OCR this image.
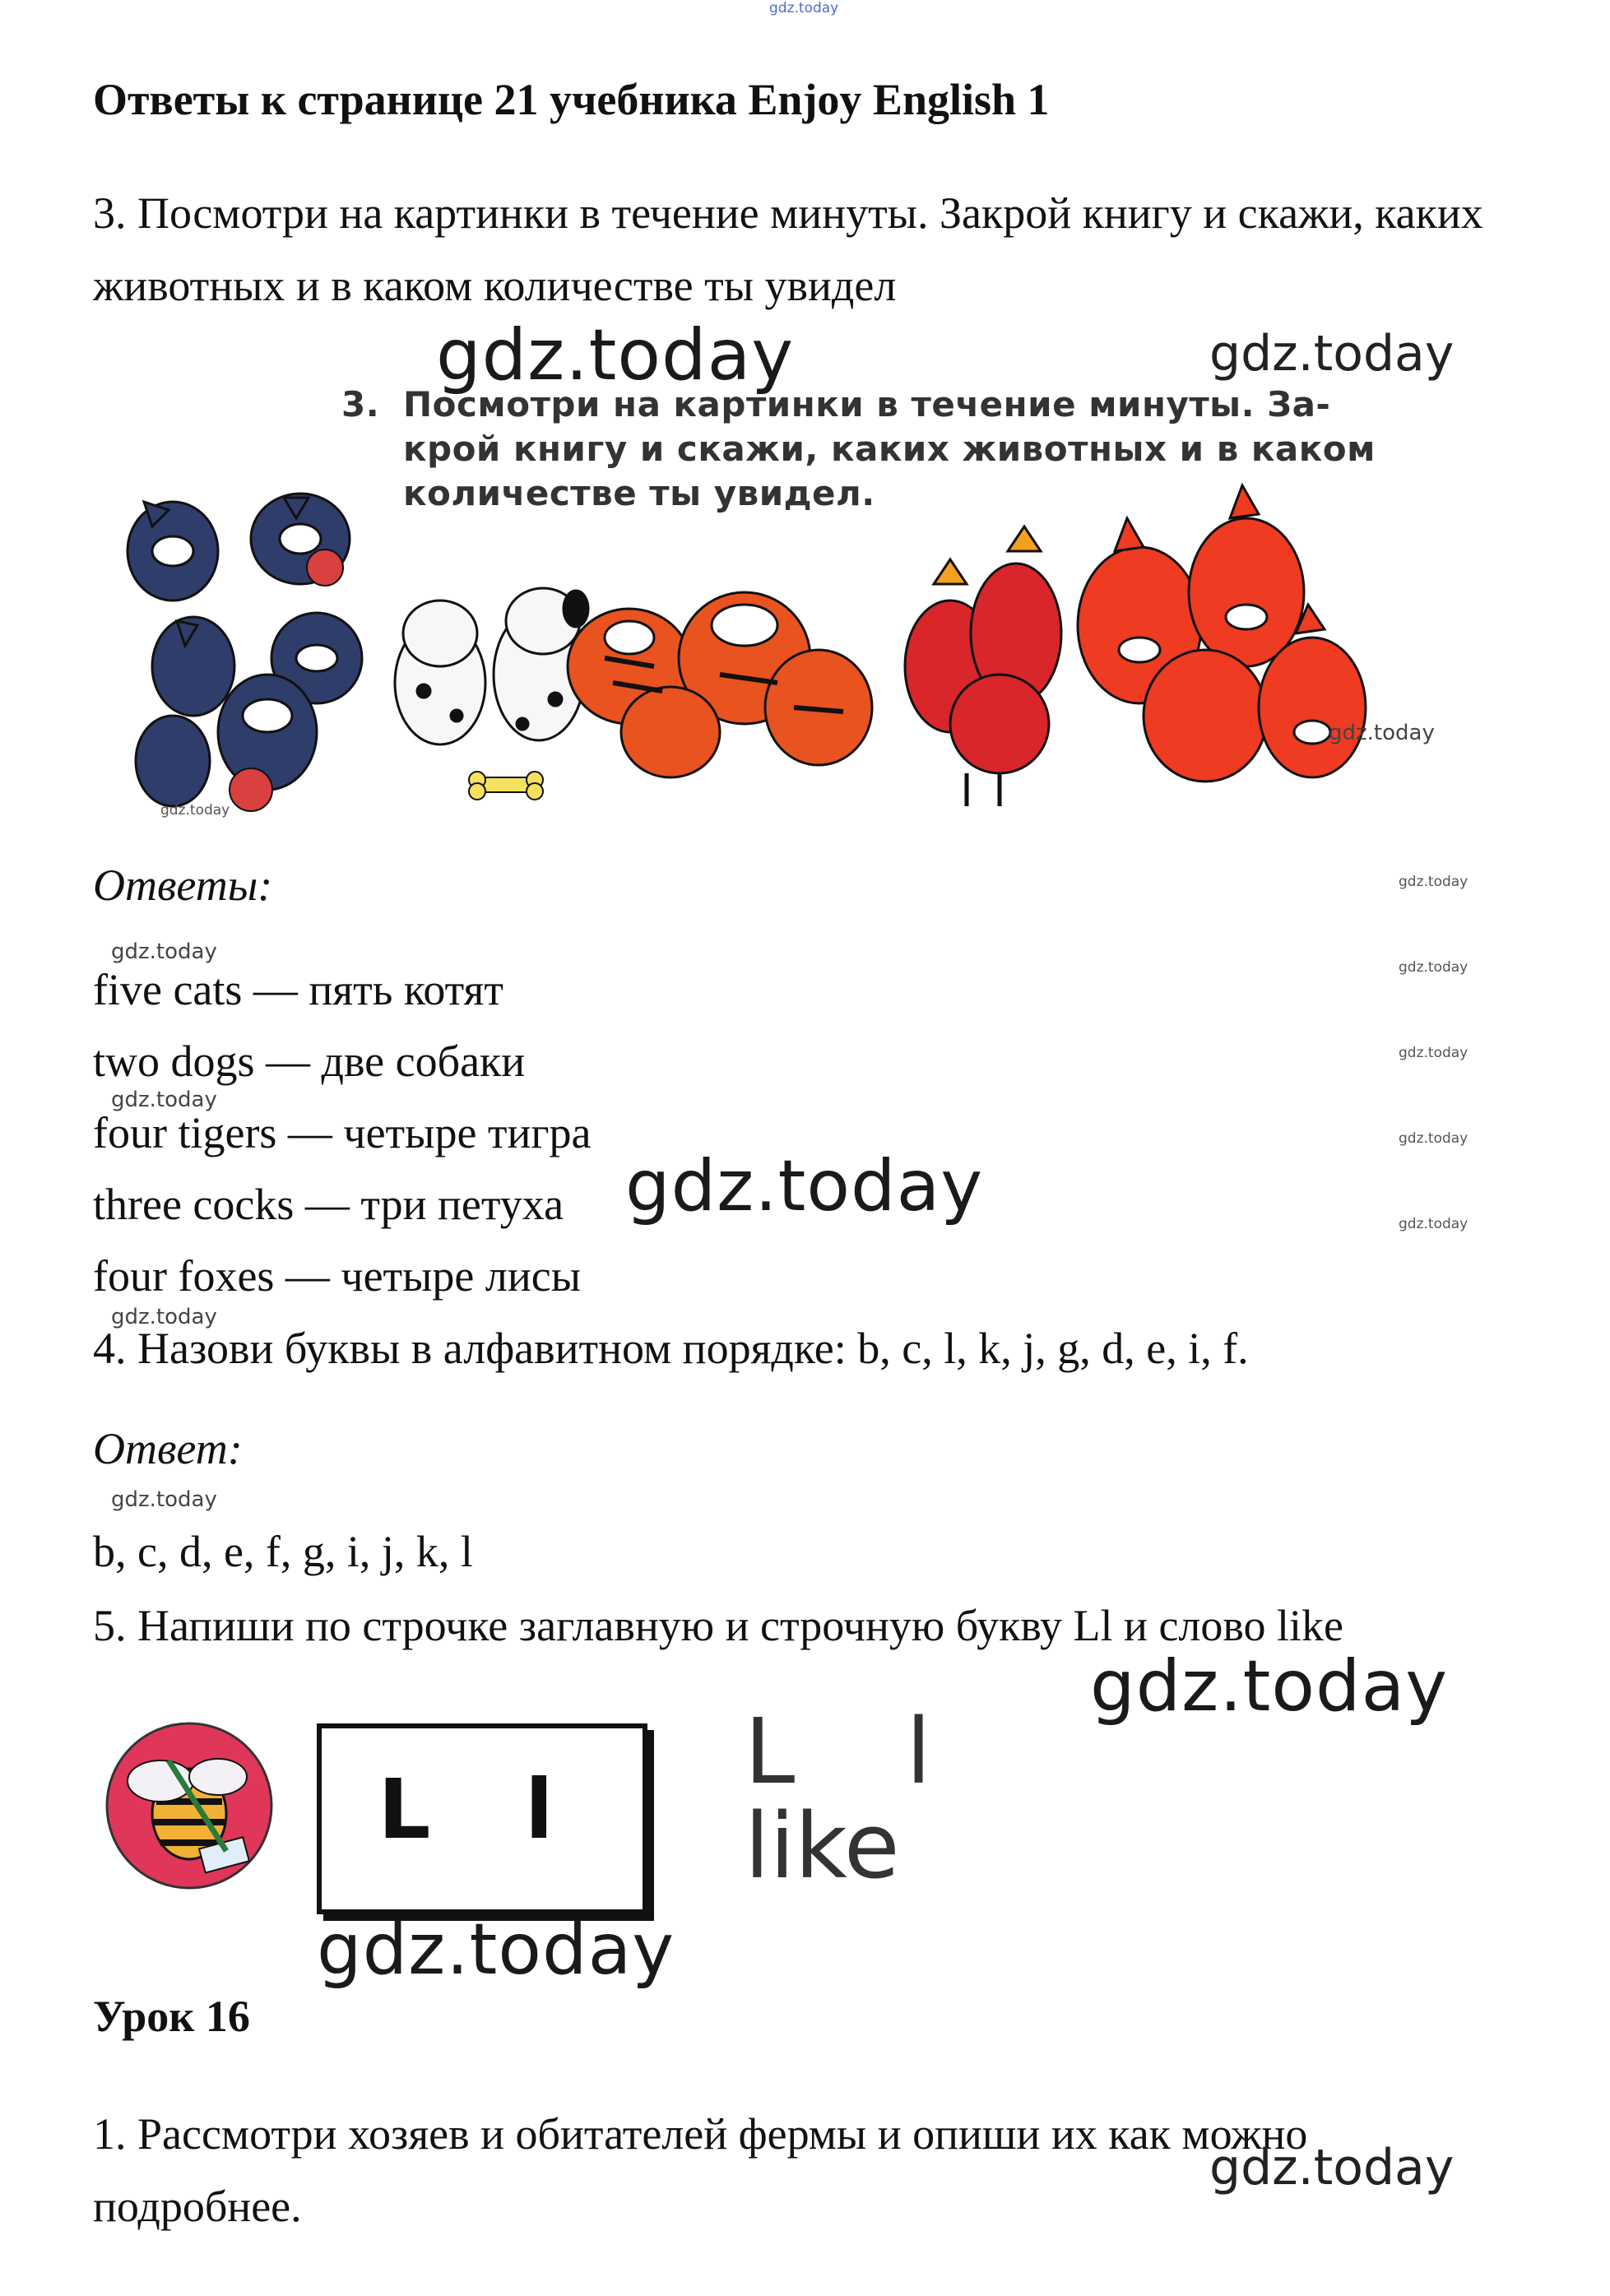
gdz.today
Ответы к странице 21 учебника Enjoy English 1
3. Посмотри на картинки в течение минуты. Закрой книгу и скажи, каких животных и в каком количестве ты увидел
gdz.today	gdz.today
3. Посмотри на картинки в течение минуты. За-
крой книгу и скажи, каких животных и в каком
количестве ты увидел.
gdz.today
gdz.today
Ответы:	gdz.today
gdz.today
gdz.today
gdz.today
gdz.today
gdz.today
five cats — пять котят
two dogs — две собаки
gdz.today
four tigers — четыре тигра
three cocks — три петуха gdz.today
four foxes — четыре лисы
gdz.today
4. Назови буквы в алфавитном порядке: b, c, l, k, j, g, d, e, i, f.
Ответ:
gdz.today
b, c, d, e, f, g, i, j, k, l
5. Напиши по строчке заглавную и строчную букву Ll и слово like
gdz.today
L l
L l
like
gdz.today
Урок 16
1. Рассмотри хозяев и обитателей фермы и опиши их как можно подробнее.
gdz.today
